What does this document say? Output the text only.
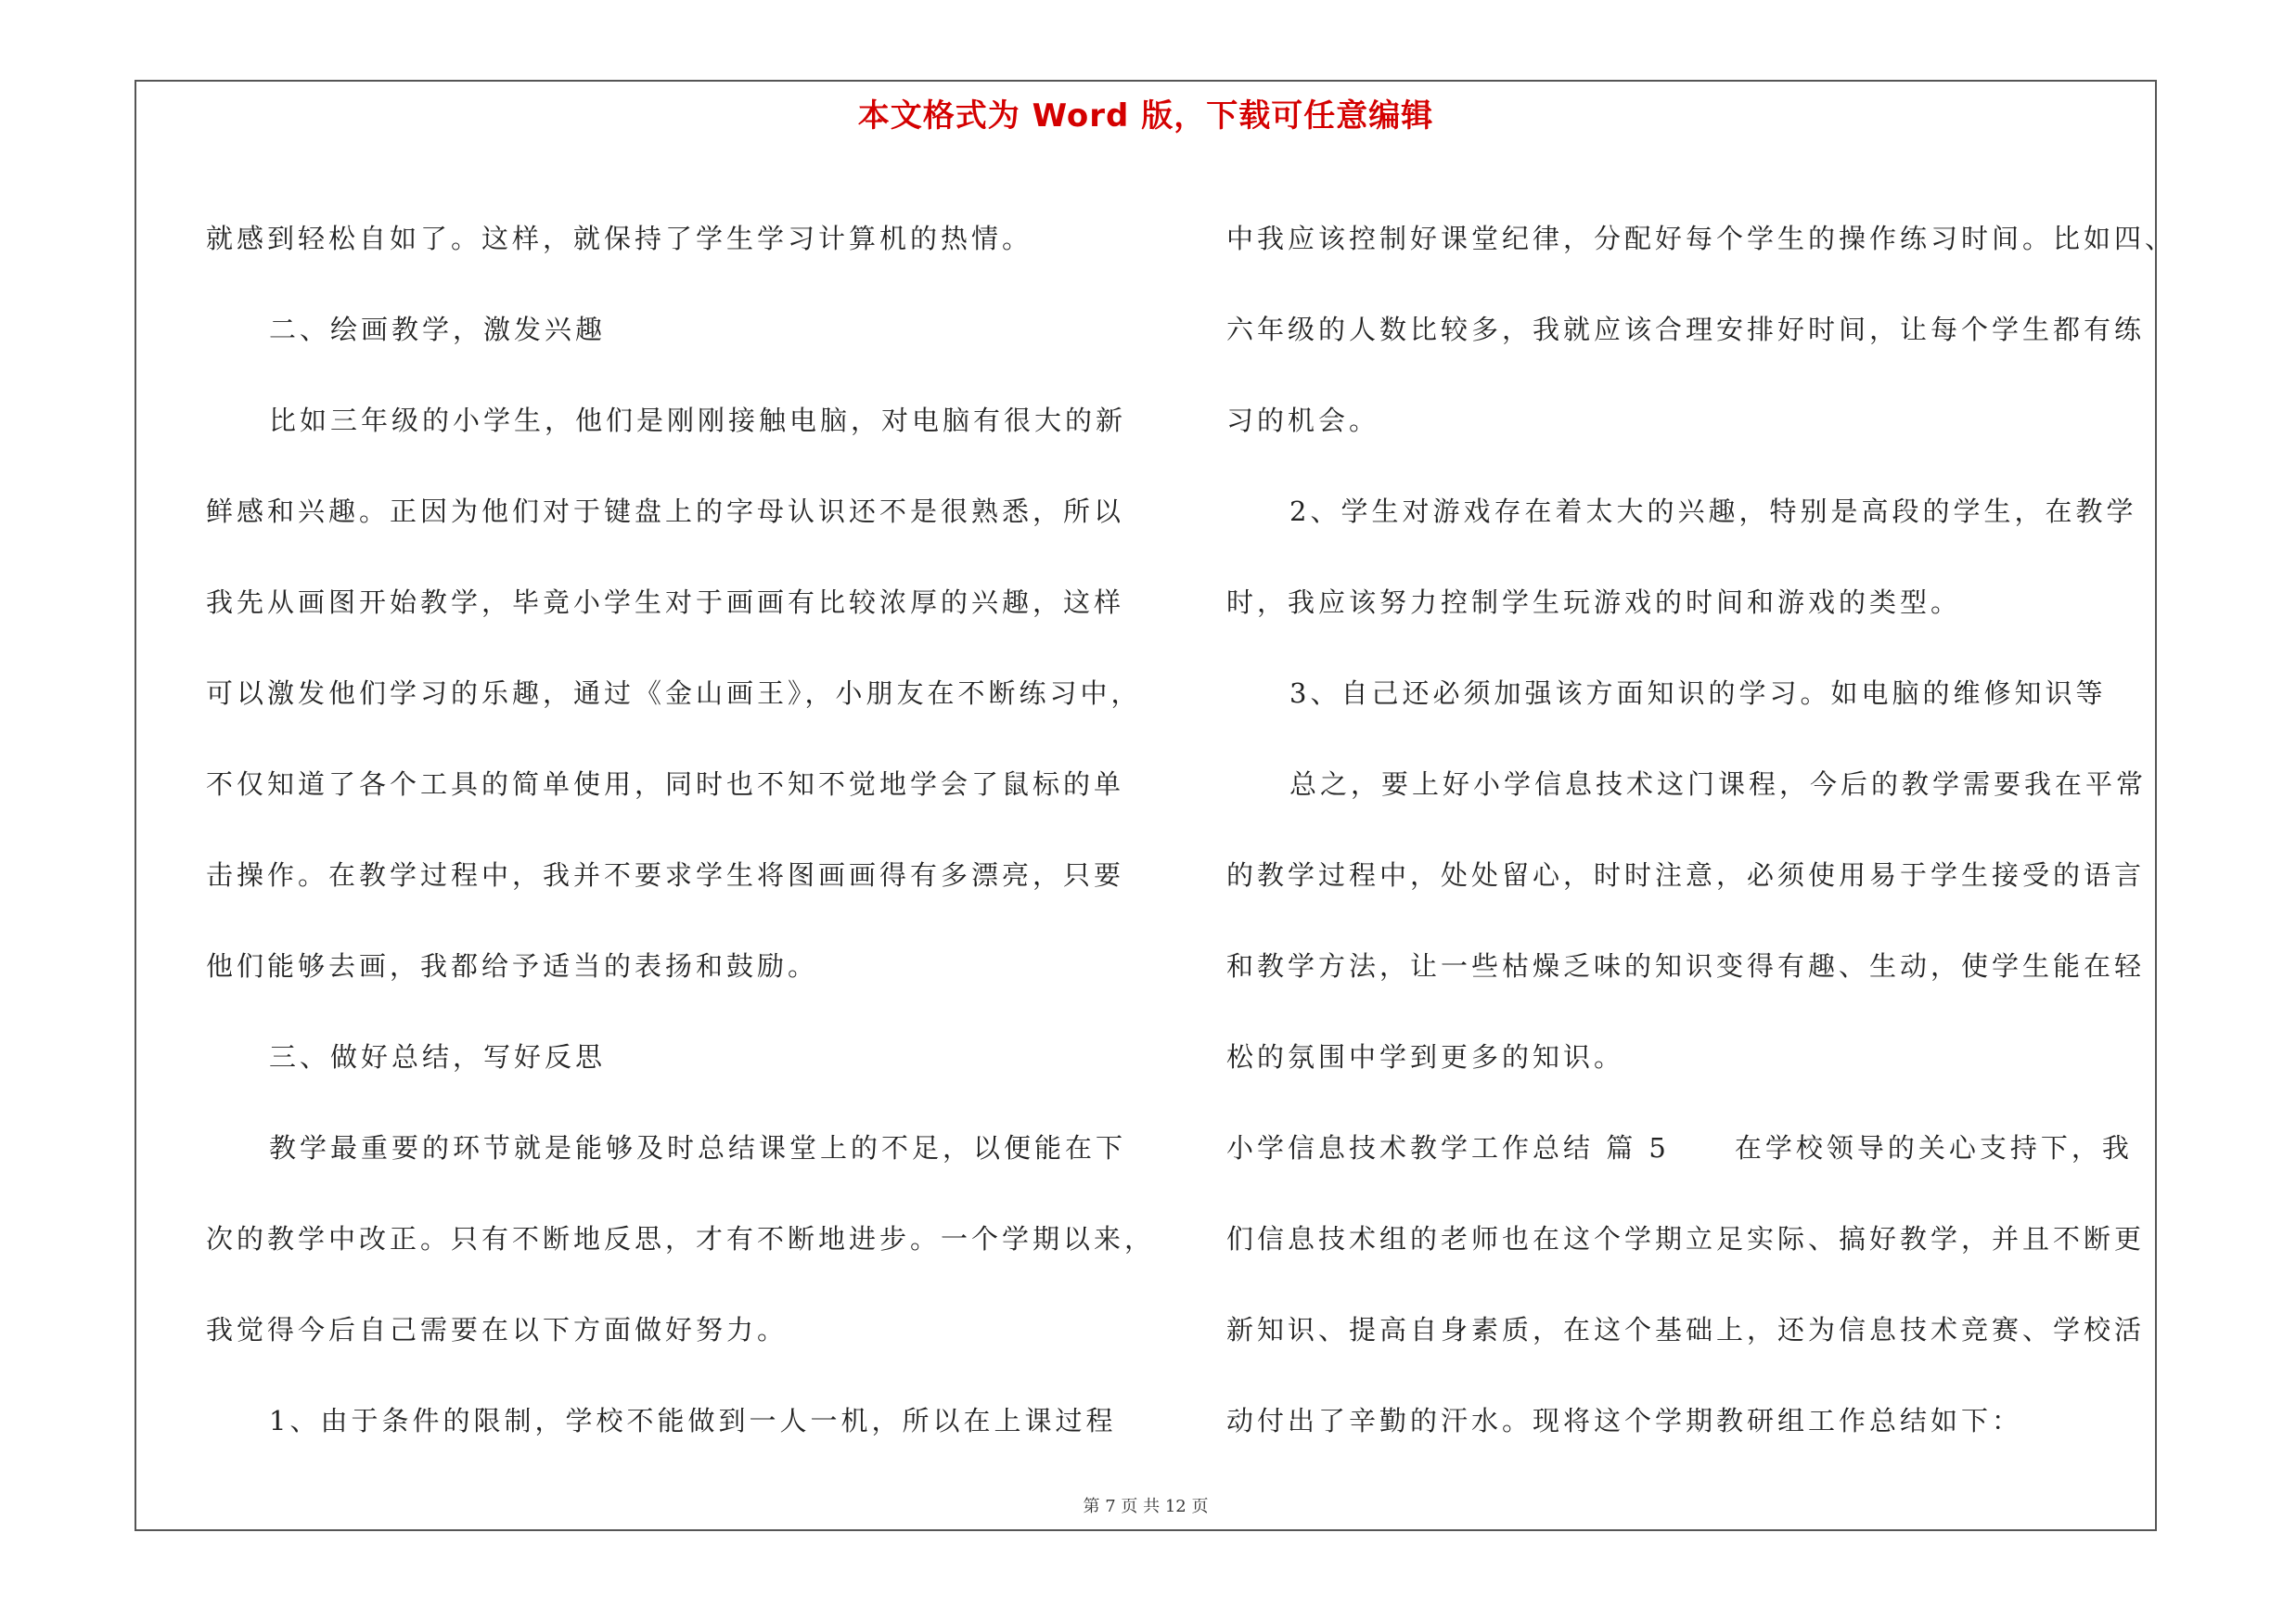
本文格式为 Word 版，下载可任意编辑
就感到轻松自如了。这样，就保持了学生学习计算机的热情。
二、绘画教学，激发兴趣
比如三年级的小学生，他们是刚刚接触电脑，对电脑有很大的新
鲜感和兴趣。正因为他们对于键盘上的字母认识还不是很熟悉，所以
我先从画图开始教学，毕竟小学生对于画画有比较浓厚的兴趣，这样
可以激发他们学习的乐趣，通过《金山画王》，小朋友在不断练习中，
不仅知道了各个工具的简单使用，同时也不知不觉地学会了鼠标的单
击操作。在教学过程中，我并不要求学生将图画画得有多漂亮，只要
他们能够去画，我都给予适当的表扬和鼓励。
三、做好总结，写好反思
教学最重要的环节就是能够及时总结课堂上的不足，以便能在下
次的教学中改正。只有不断地反思，才有不断地进步。一个学期以来，
我觉得今后自己需要在以下方面做好努力。
1、由于条件的限制，学校不能做到一人一机，所以在上课过程
中我应该控制好课堂纪律，分配好每个学生的操作练习时间。比如四、
六年级的人数比较多，我就应该合理安排好时间，让每个学生都有练
习的机会。
2、学生对游戏存在着太大的兴趣，特别是高段的学生，在教学
时，我应该努力控制学生玩游戏的时间和游戏的类型。
3、自己还必须加强该方面知识的学习。如电脑的维修知识等
总之，要上好小学信息技术这门课程，今后的教学需要我在平常
的教学过程中，处处留心，时时注意，必须使用易于学生接受的语言
和教学方法，让一些枯燥乏味的知识变得有趣、生动，使学生能在轻
松的氛围中学到更多的知识。
小学信息技术教学工作总结 篇 5 在学校领导的关心支持下，我
们信息技术组的老师也在这个学期立足实际、搞好教学，并且不断更
新知识、提高自身素质，在这个基础上，还为信息技术竞赛、学校活
动付出了辛勤的汗水。现将这个学期教研组工作总结如下：
第 7 页 共 12 页
